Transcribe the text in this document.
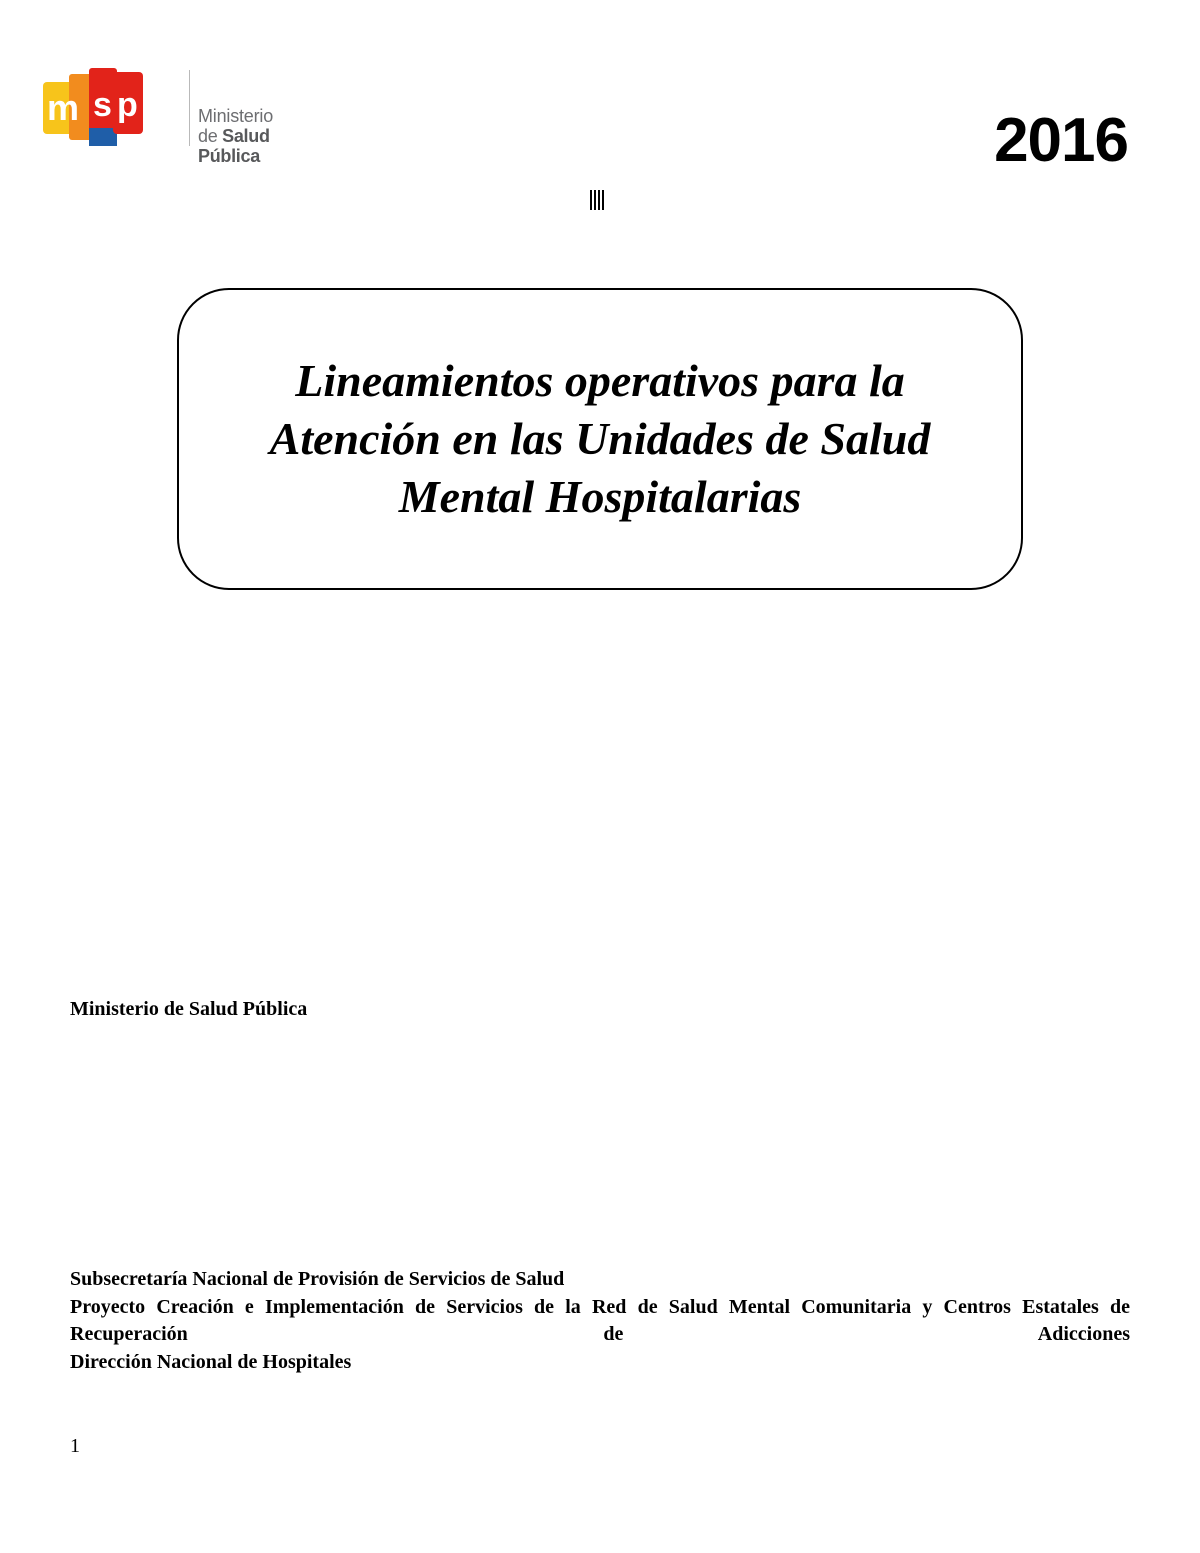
m s p	Ministerio
de Salud Pública	2016
Lineamientos operativos para la
Atención en las Unidades de Salud
Mental Hospitalarias
Ministerio de Salud Pública
Subsecretaría Nacional de Provisión de Servicios de Salud
Proyecto Creación e Implementación de Servicios de la Red de Salud Mental Comunitaria y Centros Estatales de Recuperación de Adicciones
Dirección Nacional de Hospitales
1
